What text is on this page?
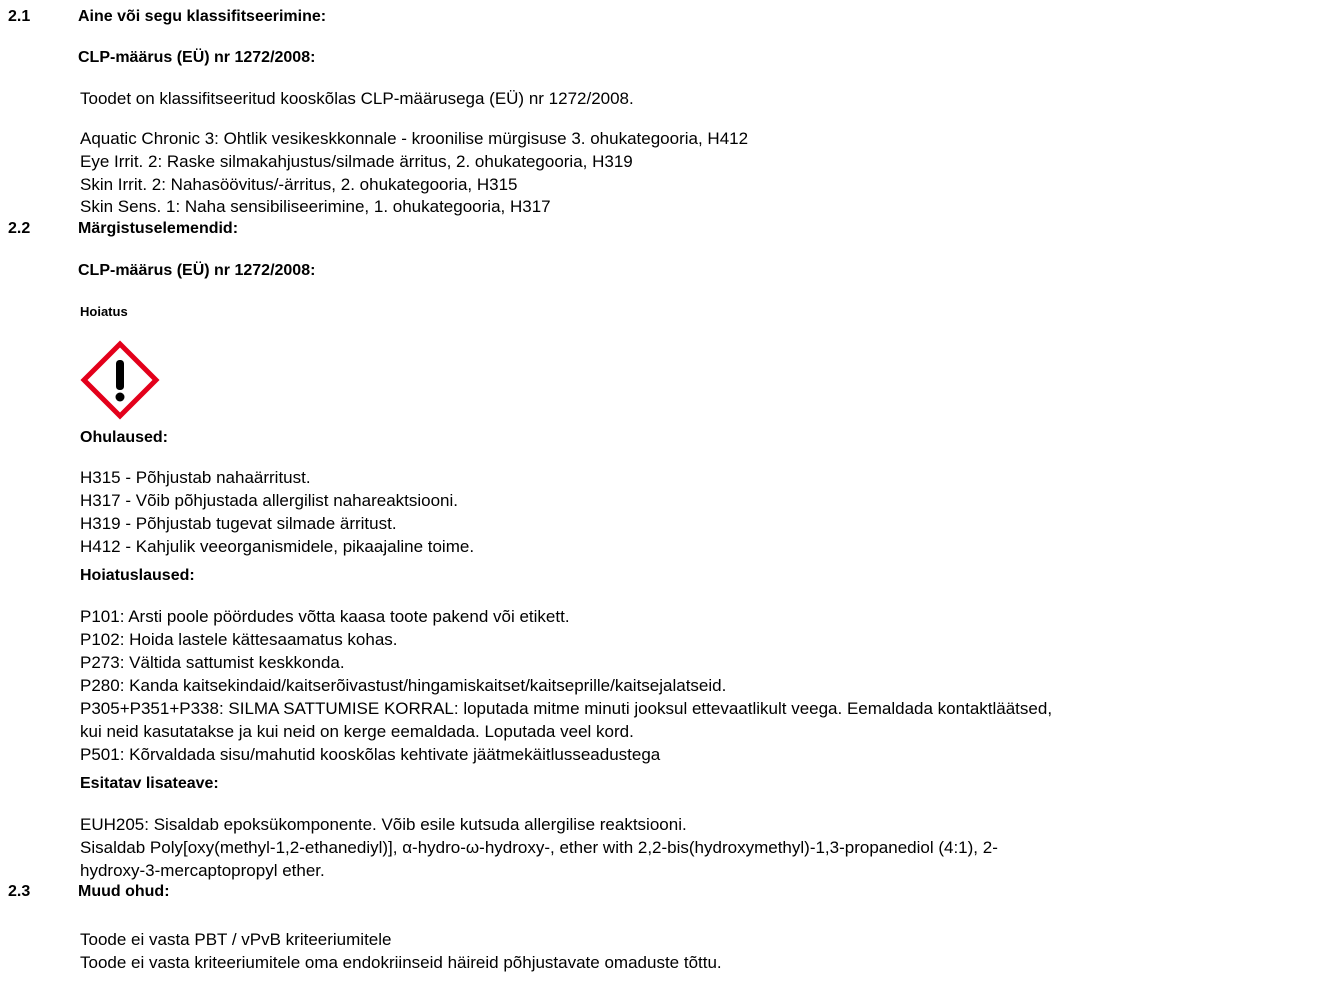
2.1	Aine või segu klassifitseerimine:
CLP-määrus (EÜ) nr 1272/2008:
Toodet on klassifitseeritud kooskõlas CLP-määrusega (EÜ) nr 1272/2008.
Aquatic Chronic 3: Ohtlik vesikeskkonnale - kroonilise mürgisuse 3. ohukategooria, H412
Eye Irrit. 2: Raske silmakahjustus/silmade ärritus, 2. ohukategooria, H319
Skin Irrit. 2: Nahasöövitus/-ärritus, 2. ohukategooria, H315
Skin Sens. 1: Naha sensibiliseerimine, 1. ohukategooria, H317
2.2	Märgistuselemendid:
CLP-määrus (EÜ) nr 1272/2008:
Hoiatus
Ohulaused:
H315 - Põhjustab nahaärritust.
H317 - Võib põhjustada allergilist nahareaktsiooni.
H319 - Põhjustab tugevat silmade ärritust.
H412 - Kahjulik veeorganismidele, pikaajaline toime.
Hoiatuslaused:
P101: Arsti poole pöördudes võtta kaasa toote pakend või etikett.
P102: Hoida lastele kättesaamatus kohas.
P273: Vältida sattumist keskkonda.
P280: Kanda kaitsekindaid/kaitserõivastust/hingamiskaitset/kaitseprille/kaitsejalatseid.
P305+P351+P338: SILMA SATTUMISE KORRAL: loputada mitme minuti jooksul ettevaatlikult veega. Eemaldada kontaktläätsed,
kui neid kasutatakse ja kui neid on kerge eemaldada. Loputada veel kord.
P501: Kõrvaldada sisu/mahutid kooskõlas kehtivate jäätmekäitlusseadustega
Esitatav lisateave:
EUH205: Sisaldab epoksükomponente. Võib esile kutsuda allergilise reaktsiooni.
Sisaldab Poly[oxy(methyl-1,2-ethanediyl)], α-hydro-ω-hydroxy-, ether with 2,2-bis(hydroxymethyl)-1,3-propanediol (4:1), 2-
hydroxy-3-mercaptopropyl ether.
2.3	Muud ohud:
Toode ei vasta PBT / vPvB kriteeriumitele
Toode ei vasta kriteeriumitele oma endokriinseid häireid põhjustavate omaduste tõttu.
